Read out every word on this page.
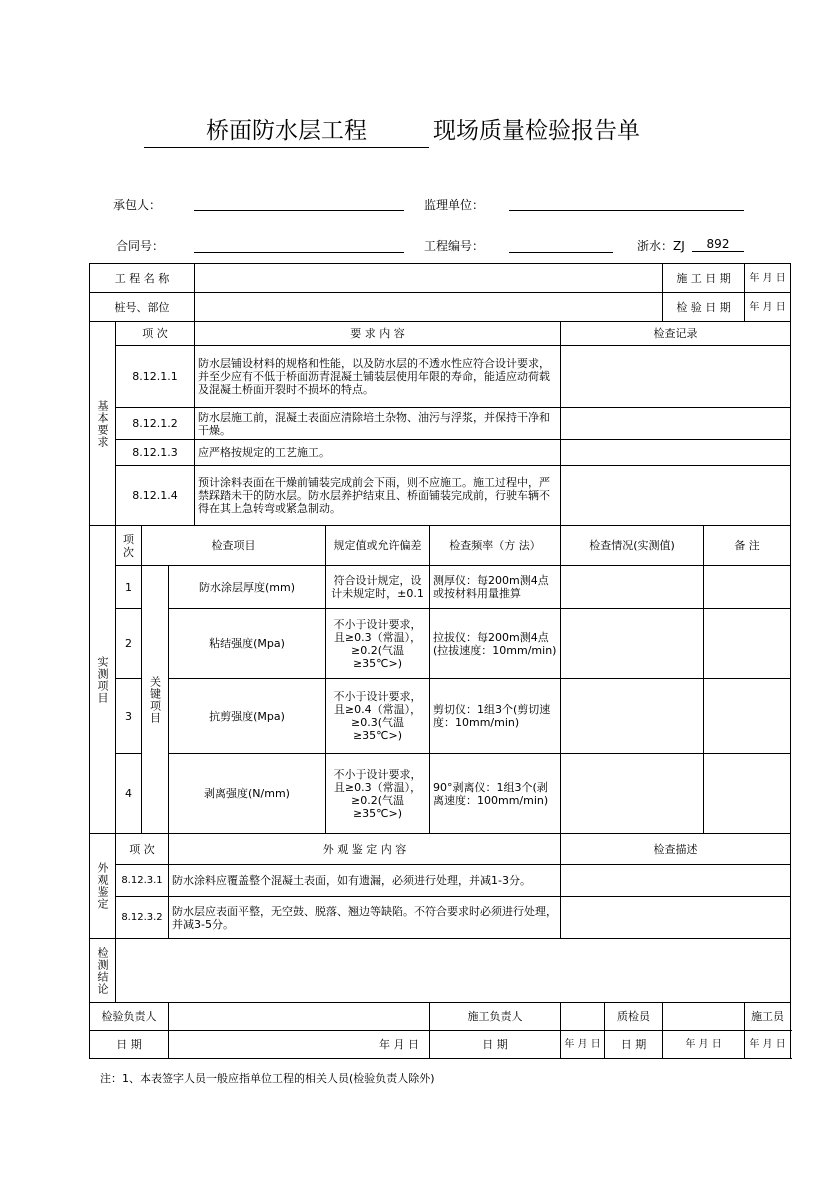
桥面防水层工程	现场质量检验报告单
承包人：	监理单位：
合同号：	工程编号：	浙水：ZJ	892
工 程 名 称									施 工 日 期		年 月 日
桩号、部位									检 验 日 期		年 月 日

基本要求	项 次			要 求 内 容			检查记录				
	8.12.1.1			防水层铺设材料的规格和性能，以及防水层的不透水性应符合设计要求，并至少应有不低于桥面沥青混凝土铺装层使用年限的寿命，能适应动荷载及混凝土桥面开裂时不损坏的特点。							
	8.12.1.2			防水层施工前，混凝土表面应清除培土杂物、油污与浮浆，并保持干净和干燥。							
	8.12.1.3			应严格按规定的工艺施工。							
	8.12.1.4			预计涂料表面在干燥前铺装完成前会下雨，则不应施工。施工过程中，严禁踩踏未干的防水层。防水层养护结束且、桥面铺装完成前，行驶车辆不得在其上急转弯或紧急制动。							

实测项目	项次	检查项目			规定值或允许偏差	检查频率（方 法）	检查情况(实测值)			备 注	
	1	关键项目	防水涂层厚度(mm)		符合设计规定，设计未规定时，±0.1	测厚仪：每200m测4点或按材料用量推算					
	2		粘结强度(Mpa)		不小于设计要求，且≥0.3（常温），≥0.2(气温≥35℃>)	拉拔仪：每200m测4点(拉拔速度：10mm/min)					
	3		抗剪强度(Mpa)		不小于设计要求，且≥0.4（常温），≥0.3(气温≥35℃>)	剪切仪：1组3个(剪切速度：10mm/min)					
	4		剥离强度(N/mm)		不小于设计要求，且≥0.3（常温），≥0.2(气温≥35℃>)	90°剥离仪：1组3个(剥离速度：100mm/min)					

外观鉴定	项 次		外 观 鉴 定 内 容				检查描述				
	8.12.3.1		防水涂料应覆盖整个混凝土表面，如有遗漏，必须进行处理，并减1-3分。								
	8.12.3.2		防水层应表面平整，无空鼓、脱落、翘边等缺陷。不符合要求时必须进行处理，并减3-5分。								

检测结论											

检验负责人						施工负责人		质检员			施工员
日 期			年 月 日			日 期	年 月 日	日 期	年 月 日		年 月 日
注：1、本表签字人员一般应指单位工程的相关人员(检验负责人除外)
